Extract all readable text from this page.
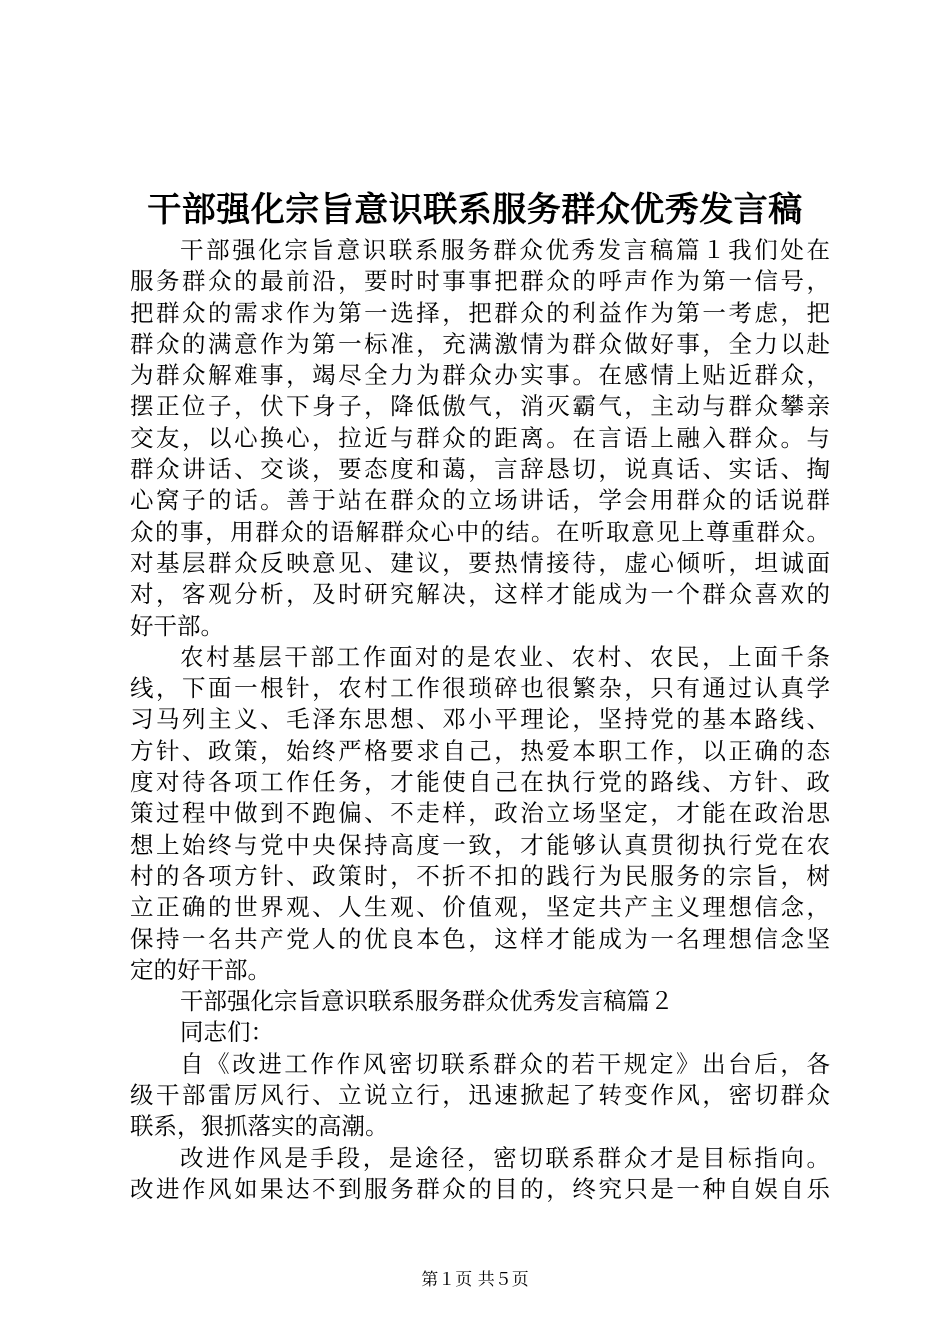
干部强化宗旨意识联系服务群众优秀发言稿
干部强化宗旨意识联系服务群众优秀发言稿篇１我们处在
服务群众的最前沿，要时时事事把群众的呼声作为第一信号，
把群众的需求作为第一选择，把群众的利益作为第一考虑，把
群众的满意作为第一标准，充满激情为群众做好事，全力以赴
为群众解难事，竭尽全力为群众办实事。在感情上贴近群众，
摆正位子，伏下身子，降低傲气，消灭霸气，主动与群众攀亲
交友，以心换心，拉近与群众的距离。在言语上融入群众。与
群众讲话、交谈，要态度和蔼，言辞恳切，说真话、实话、掏
心窝子的话。善于站在群众的立场讲话，学会用群众的话说群
众的事，用群众的语解群众心中的结。在听取意见上尊重群众。
对基层群众反映意见、建议，要热情接待，虚心倾听，坦诚面
对，客观分析，及时研究解决，这样才能成为一个群众喜欢的
好干部。
农村基层干部工作面对的是农业、农村、农民，上面千条
线，下面一根针，农村工作很琐碎也很繁杂，只有通过认真学
习马列主义、毛泽东思想、邓小平理论，坚持党的基本路线、
方针、政策，始终严格要求自己，热爱本职工作，以正确的态
度对待各项工作任务，才能使自己在执行党的路线、方针、政
策过程中做到不跑偏、不走样，政治立场坚定，才能在政治思
想上始终与党中央保持高度一致，才能够认真贯彻执行党在农
村的各项方针、政策时，不折不扣的践行为民服务的宗旨，树
立正确的世界观、人生观、价值观，坚定共产主义理想信念，
保持一名共产党人的优良本色，这样才能成为一名理想信念坚
定的好干部。
干部强化宗旨意识联系服务群众优秀发言稿篇２
同志们：
自《改进工作作风密切联系群众的若干规定》出台后，各
级干部雷厉风行、立说立行，迅速掀起了转变作风，密切群众
联系，狠抓落实的高潮。
改进作风是手段，是途径，密切联系群众才是目标指向。
改进作风如果达不到服务群众的目的，终究只是一种自娱自乐
第１页 共５页
